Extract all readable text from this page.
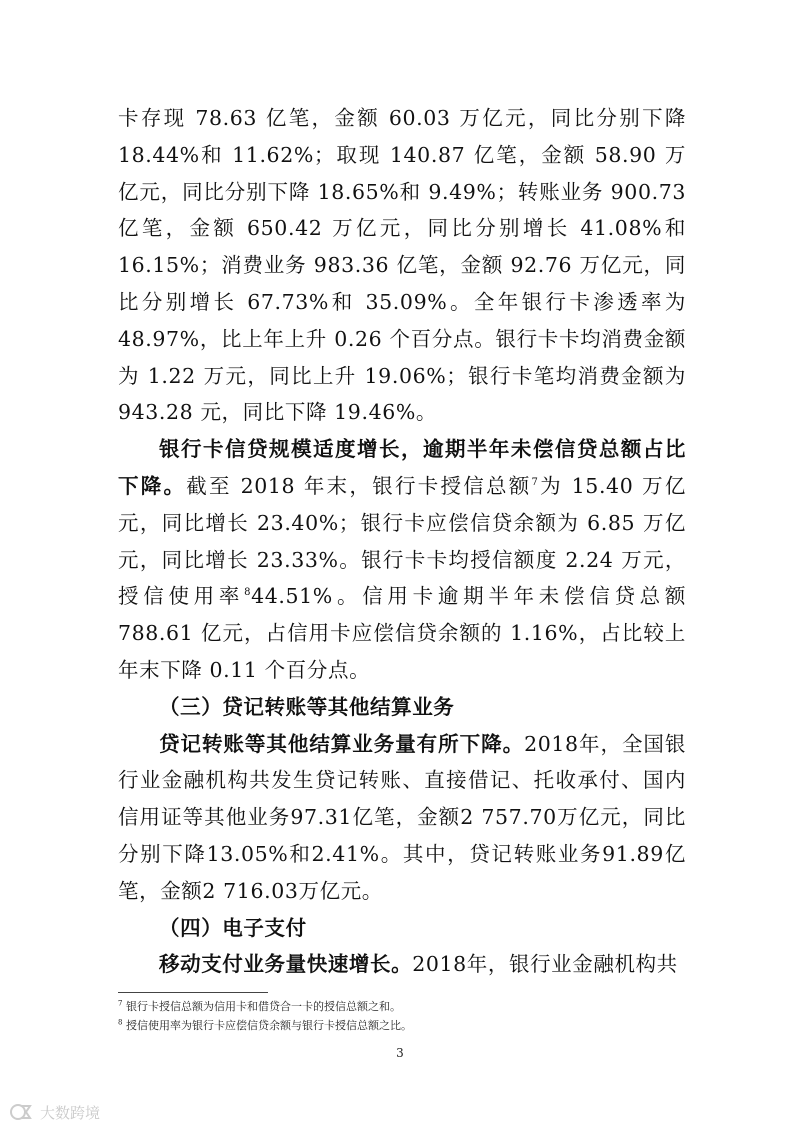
卡存现 78.63 亿笔，金额 60.03 万亿元，同比分别下降 18.44%和 11.62%；取现 140.87 亿笔，金额 58.90 万亿元，同比分别下降 18.65%和 9.49%；转账业务 900.73 亿笔，金额 650.42 万亿元，同比分别增长 41.08%和 16.15%；消费业务 983.36 亿笔，金额 92.76 万亿元，同比分别增长 67.73%和 35.09%。全年银行卡渗透率为 48.97%，比上年上升 0.26 个百分点。银行卡卡均消费金额为 1.22 万元，同比上升 19.06%；银行卡笔均消费金额为 943.28 元，同比下降 19.46%。

银行卡信贷规模适度增长，逾期半年未偿信贷总额占比下降。截至 2018 年末，银行卡授信总额$^7$为 15.40 万亿元，同比增长 23.40%；银行卡应偿信贷余额为 6.85 万亿元，同比增长 23.33%。银行卡卡均授信额度 2.24 万元，授信使用率$^8$44.51%。信用卡逾期半年未偿信贷总额 788.61 亿元，占信用卡应偿信贷余额的 1.16%，占比较上年末下降 0.11 个百分点。

（三）贷记转账等其他结算业务

贷记转账等其他结算业务量有所下降。2018年，全国银行业金融机构共发生贷记转账、直接借记、托收承付、国内信用证等其他业务97.31亿笔，金额2 757.70万亿元，同比分别下降13.05%和2.41%。其中，贷记转账业务91.89亿笔，金额2 716.03万亿元。

（四）电子支付

移动支付业务量快速增长。2018年，银行业金融机构共

$^7$ 银行卡授信总额为信用卡和借贷合一卡的授信总额之和。
$^8$ 授信使用率为银行卡应偿信贷余额与银行卡授信总额之比。
3
大数跨境
